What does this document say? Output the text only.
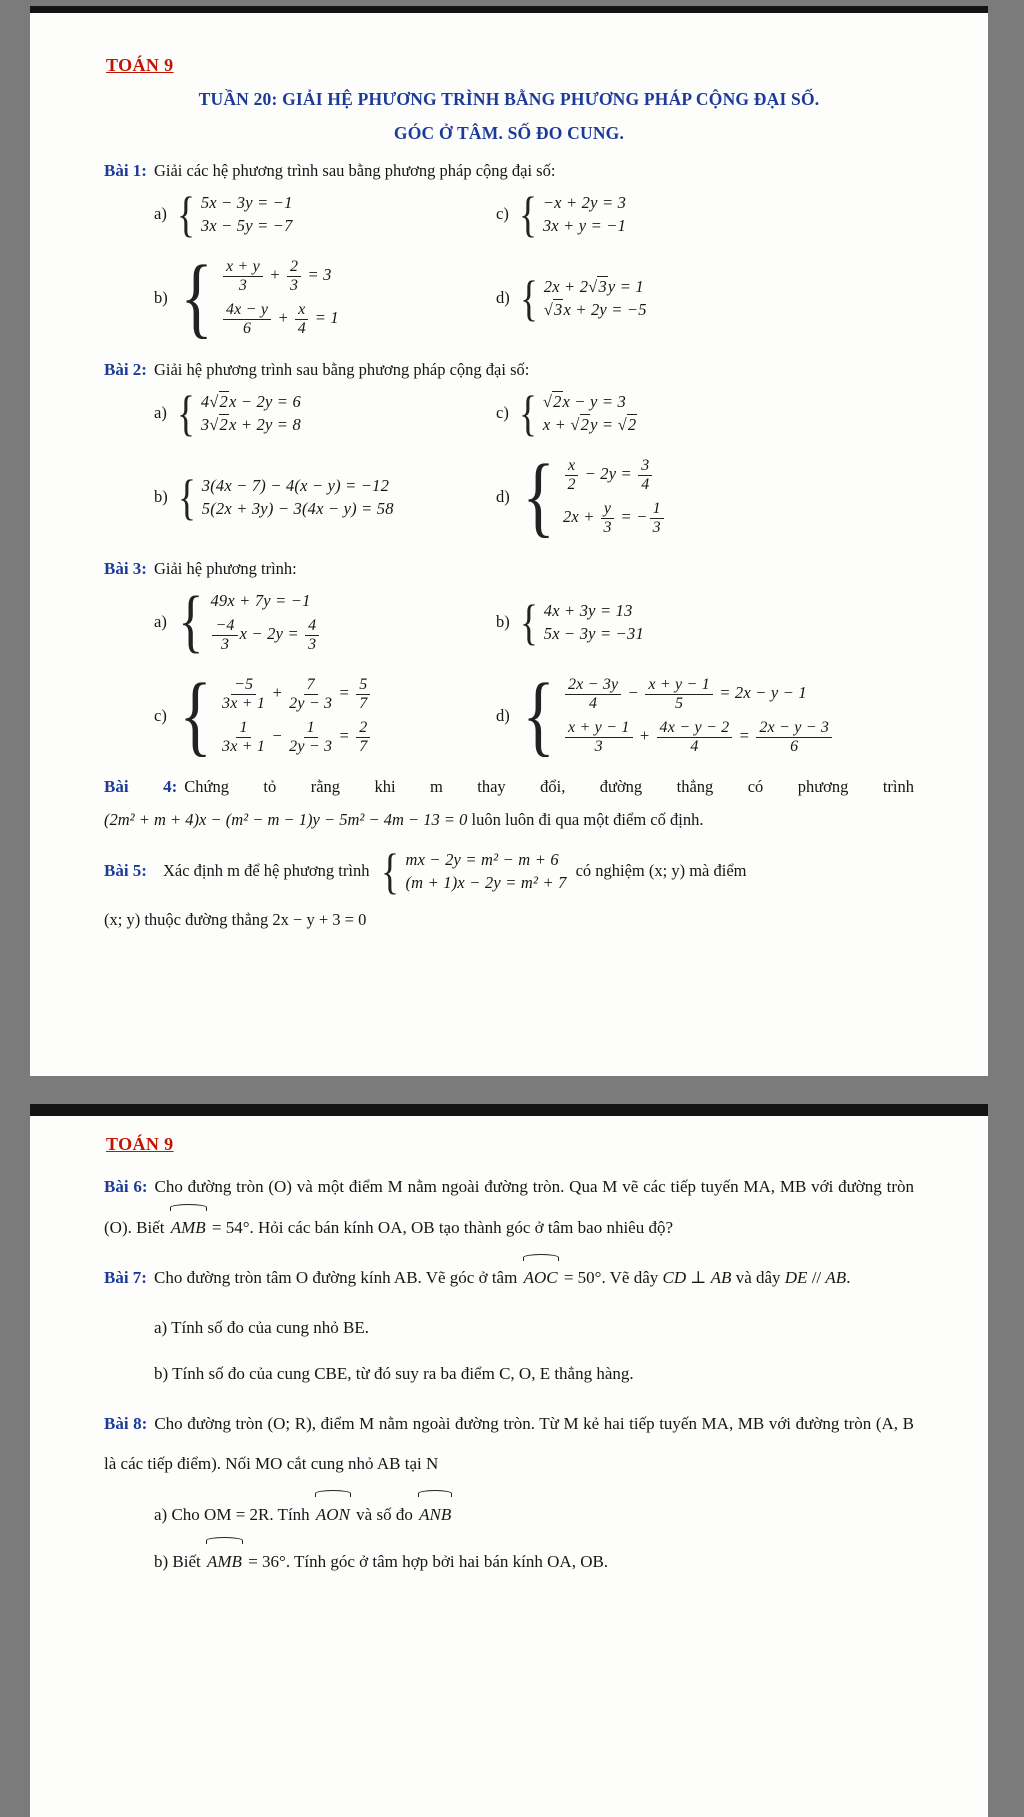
TOÁN 9
TUẦN 20: GIẢI HỆ PHƯƠNG TRÌNH BẰNG PHƯƠNG PHÁP CỘNG ĐẠI SỐ.
GÓC Ở TÂM. SỐ ĐO CUNG.

Bài 1: Giải các hệ phương trình sau bằng phương pháp cộng đại số:

a) { 5x − 3y = −1
3x − 5y = −7
c) { −x + 2y = 3
3x + y = −1
b) { $\frac{x + y}{3} + \frac{2}{3} = 3$
$\frac{4x - y}{6} + \frac{x}{4} = 1$
d) { 2x + 2√3y = 1
√3x + 2y = −5

Bài 2: Giải hệ phương trình sau bằng phương pháp cộng đại số:

a) { 4√2x − 2y = 6
3√2x + 2y = 8
c) { √2x − y = 3
x + √2y = √2
b) { 3(4x − 7) − 4(x − y) = −12
5(2x + 3y) − 3(4x − y) = 58
d) { $\frac{x}{2} - 2y = \frac{3}{4}$
$2x + \frac{y}{3}$ = − $\frac{1}{3}$

Bài 3: Giải hệ phương trình:

a) { 49x + 7y = −1
$\frac{-4}{3}$ $x - 2y = \frac{4}{3}$	b) { 4x + 3y = 13
5x − 3y = −31
c) { $\frac{-5}{3x + 1} + \frac{7}{2y - 3} = \frac{5}{7}$
$\frac{1}{3x + 1} - \frac{1}{2y - 3} = \frac{2}{7}$
d) { $\frac{2x - 3y}{4} - \frac{x + y - 1}{5} = 2x - y - 1$
$\frac{x + y - 1}{3} + \frac{4x - y - 2}{4} = \frac{2x - y - 3}{6}$
Bài 4: Chứng tỏ rằng khi m thay đổi, đường thẳng có phương trình
(2m² + m + 4)x − (m² − m − 1)y − 5m² − 4m − 13 = 0 luôn luôn đi qua một điểm cố định.
Bài 5: Xác định m để hệ phương trình { mx − 2y = m² − m + 6
(m + 1)x − 2y = m² + 7
có nghiệm (x; y) mà điểm
(x; y) thuộc đường thẳng 2x − y + 3 = 0
TOÁN 9

Bài 6: Cho đường tròn (O) và một điểm M nằm ngoài đường tròn. Qua M vẽ các tiếp tuyến MA, MB với đường tròn (O). Biết AMB = 54°. Hỏi các bán kính OA, OB tạo thành góc ở tâm bao nhiêu độ?

Bài 7: Cho đường tròn tâm O đường kính AB. Vẽ góc ở tâm AOC = 50°. Vẽ dây CD ⊥ AB và dây DE // AB.

a) Tính số đo của cung nhỏ BE.
b) Tính số đo của cung CBE, từ đó suy ra ba điểm C, O, E thẳng hàng.

Bài 8: Cho đường tròn (O; R), điểm M nằm ngoài đường tròn. Từ M kẻ hai tiếp tuyến MA, MB với đường tròn (A, B là các tiếp điểm). Nối MO cắt cung nhỏ AB tại N

a) Cho OM = 2R. Tính AON và số đo ANB
b) Biết AMB = 36°. Tính góc ở tâm hợp bởi hai bán kính OA, OB.
